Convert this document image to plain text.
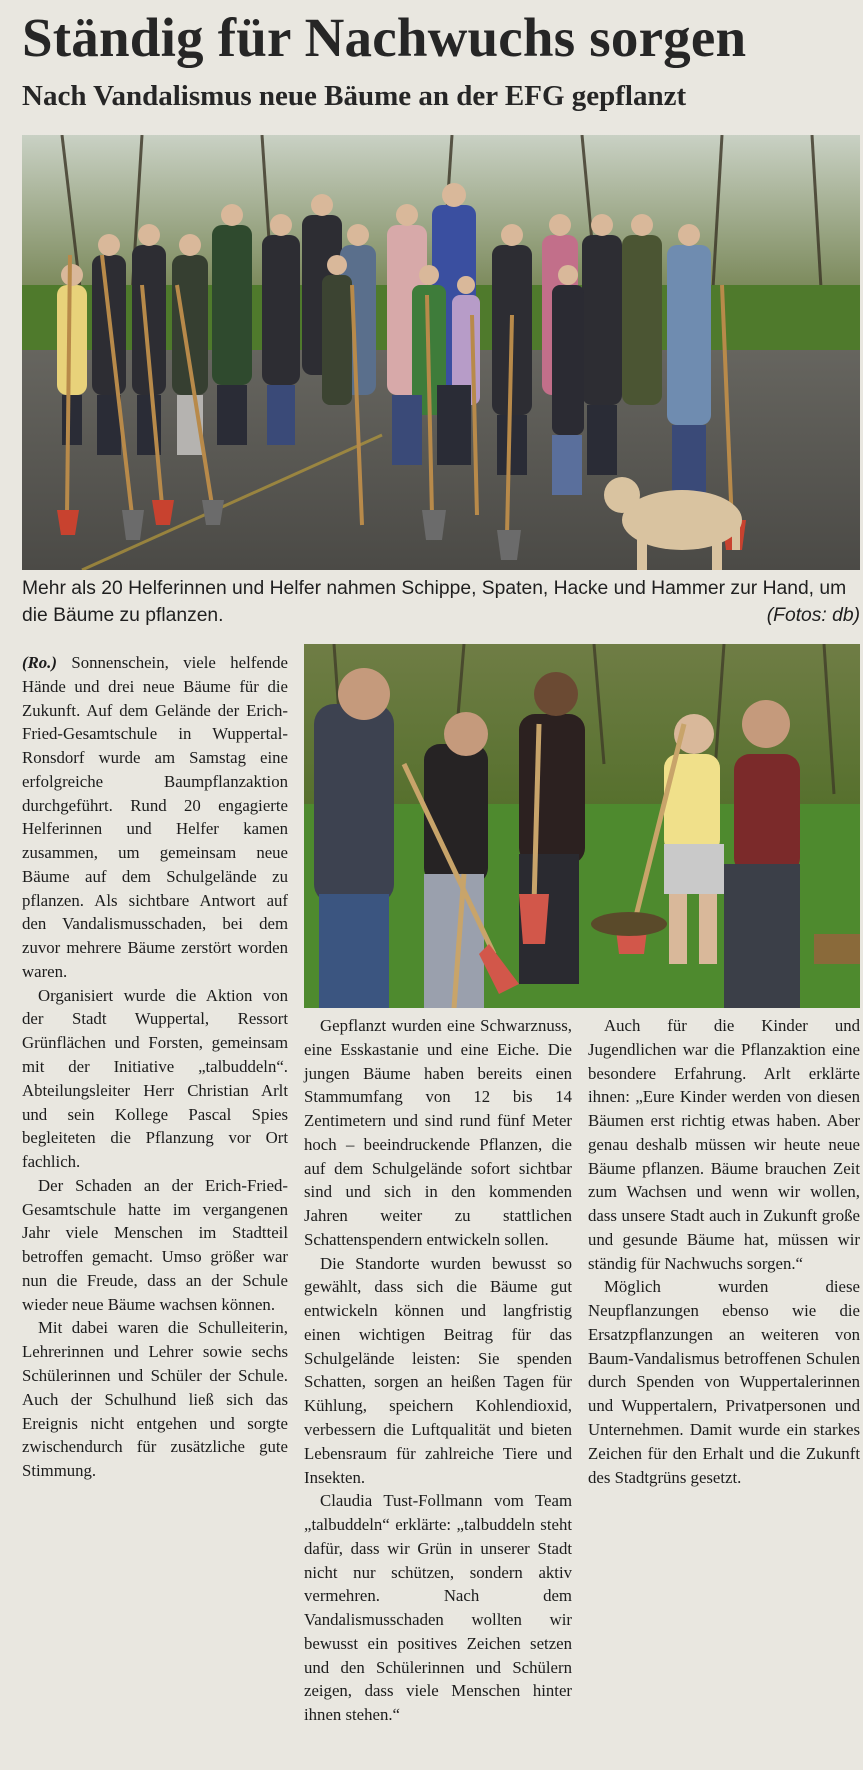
Ständig für Nachwuchs sorgen
Nach Vandalismus neue Bäume an der EFG gepflanzt
Mehr als 20 Helferinnen und Helfer nahmen Schippe, Spaten, Hacke und Hammer zur Hand, um die Bäume zu pflanzen.	(Fotos: db)

(Ro.) Sonnenschein, viele helfende Hände und drei neue Bäume für die Zukunft. Auf dem Gelände der Erich-Fried-Gesamtschule in Wuppertal-Ronsdorf wurde am Samstag eine erfolgreiche Baumpflanzaktion durchgeführt. Rund 20 engagierte Helferinnen und Helfer kamen zusammen, um gemeinsam neue Bäume auf dem Schulgelände zu pflanzen. Als sichtbare Antwort auf den Vandalismusschaden, bei dem zuvor mehrere Bäume zerstört worden waren.

Organisiert wurde die Aktion von der Stadt Wuppertal, Ressort Grünflächen und Forsten, gemeinsam mit der Initiative „talbuddeln“. Abteilungsleiter Herr Christian Arlt und sein Kollege Pascal Spies begleiteten die Pflanzung vor Ort fachlich.

Der Schaden an der Erich-Fried-Gesamtschule hatte im vergangenen Jahr viele Menschen im Stadtteil betroffen gemacht. Umso größer war nun die Freude, dass an der Schule wieder neue Bäume wachsen können.

Mit dabei waren die Schulleiterin, Lehrerinnen und Lehrer sowie sechs Schülerinnen und Schüler der Schule. Auch der Schulhund ließ sich das Ereignis nicht entgehen und sorgte zwischendurch für zusätzliche gute Stimmung.

Gepflanzt wurden eine Schwarznuss, eine Esskastanie und eine Eiche. Die jungen Bäume haben bereits einen Stammumfang von 12 bis 14 Zentimetern und sind rund fünf Meter hoch – beeindruckende Pflanzen, die auf dem Schulgelände sofort sichtbar sind und sich in den kommenden Jahren weiter zu stattlichen Schattenspendern entwickeln sollen.

Die Standorte wurden bewusst so gewählt, dass sich die Bäume gut entwickeln können und langfristig einen wichtigen Beitrag für das Schulgelände leisten: Sie spenden Schatten, sorgen an heißen Tagen für Kühlung, speichern Kohlendioxid, verbessern die Luftqualität und bieten Lebensraum für zahlreiche Tiere und Insekten.

Claudia Tust-Follmann vom Team „talbuddeln“ erklärte: „talbuddeln steht dafür, dass wir Grün in unserer Stadt nicht nur schützen, sondern aktiv vermehren. Nach dem Vandalismusschaden wollten wir bewusst ein positives Zeichen setzen und den Schülerinnen und Schülern zeigen, dass viele Menschen hinter ihnen stehen.“

Auch für die Kinder und Jugendlichen war die Pflanzaktion eine besondere Erfahrung. Arlt erklärte ihnen: „Eure Kinder werden von diesen Bäumen erst richtig etwas haben. Aber genau deshalb müssen wir heute neue Bäume pflanzen. Bäume brauchen Zeit zum Wachsen und wenn wir wollen, dass unsere Stadt auch in Zukunft große und gesunde Bäume hat, müssen wir ständig für Nachwuchs sorgen.“

Möglich wurden diese Neupflanzungen ebenso wie die Ersatzpflanzungen an weiteren von Baum-Vandalismus betroffenen Schulen durch Spenden von Wuppertalerinnen und Wuppertalern, Privatpersonen und Unternehmen. Damit wurde ein starkes Zeichen für den Erhalt und die Zukunft des Stadtgrüns gesetzt.
